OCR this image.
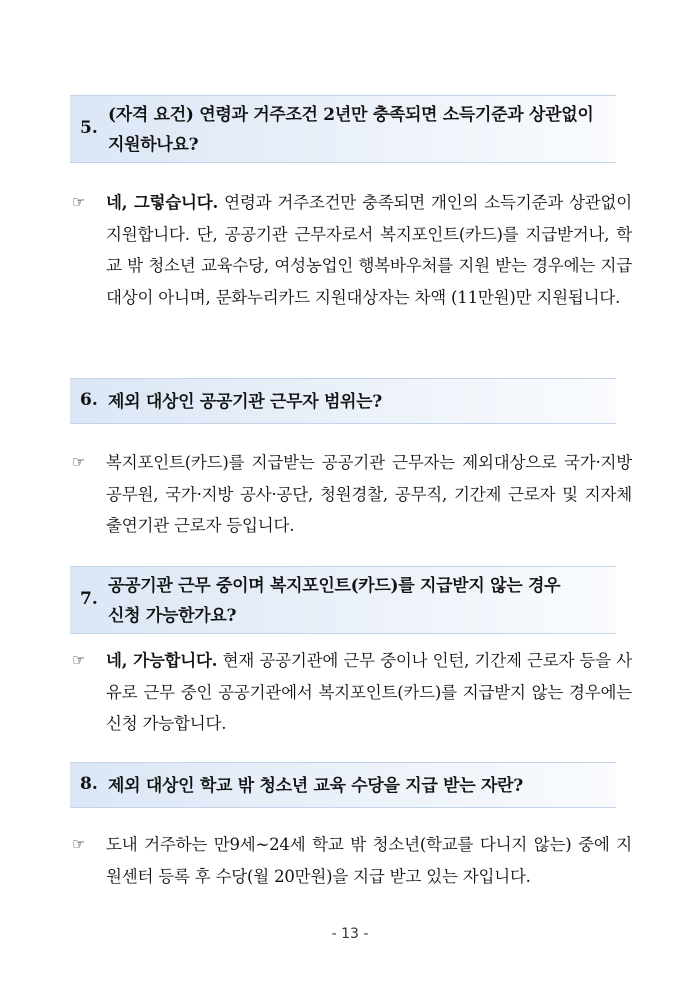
5.
(자격 요건) 연령과 거주조건 2년만 충족되면 소득기준과 상관없이
지원하나요?
☞	네, 그렇습니다. 연령과 거주조건만 충족되면 개인의 소득기준과 상관없이 지원합니다. 단, 공공기관 근무자로서 복지포인트(카드)를 지급받거나, 학교 밖 청소년 교육수당, 여성농업인 행복바우처를 지원 받는 경우에는 지급대상이 아니며, 문화누리카드 지원대상자는 차액 (11만원)만 지원됩니다.
6. 제외 대상인 공공기관 근무자 범위는?
☞	복지포인트(카드)를 지급받는 공공기관 근무자는 제외대상으로 국가·지방 공무원, 국가·지방 공사·공단, 청원경찰, 공무직, 기간제 근로자 및 지자체 출연기관 근로자 등입니다.
7.
공공기관 근무 중이며 복지포인트(카드)를 지급받지 않는 경우
신청 가능한가요?
☞	네, 가능합니다. 현재 공공기관에 근무 중이나 인턴, 기간제 근로자 등을 사유로 근무 중인 공공기관에서 복지포인트(카드)를 지급받지 않는 경우에는 신청 가능합니다.
8. 제외 대상인 학교 밖 청소년 교육 수당을 지급 받는 자란?
☞	도내 거주하는 만9세~24세 학교 밖 청소년(학교를 다니지 않는) 중에 지원센터 등록 후 수당(월 20만원)을 지급 받고 있는 자입니다.
- 13 -
